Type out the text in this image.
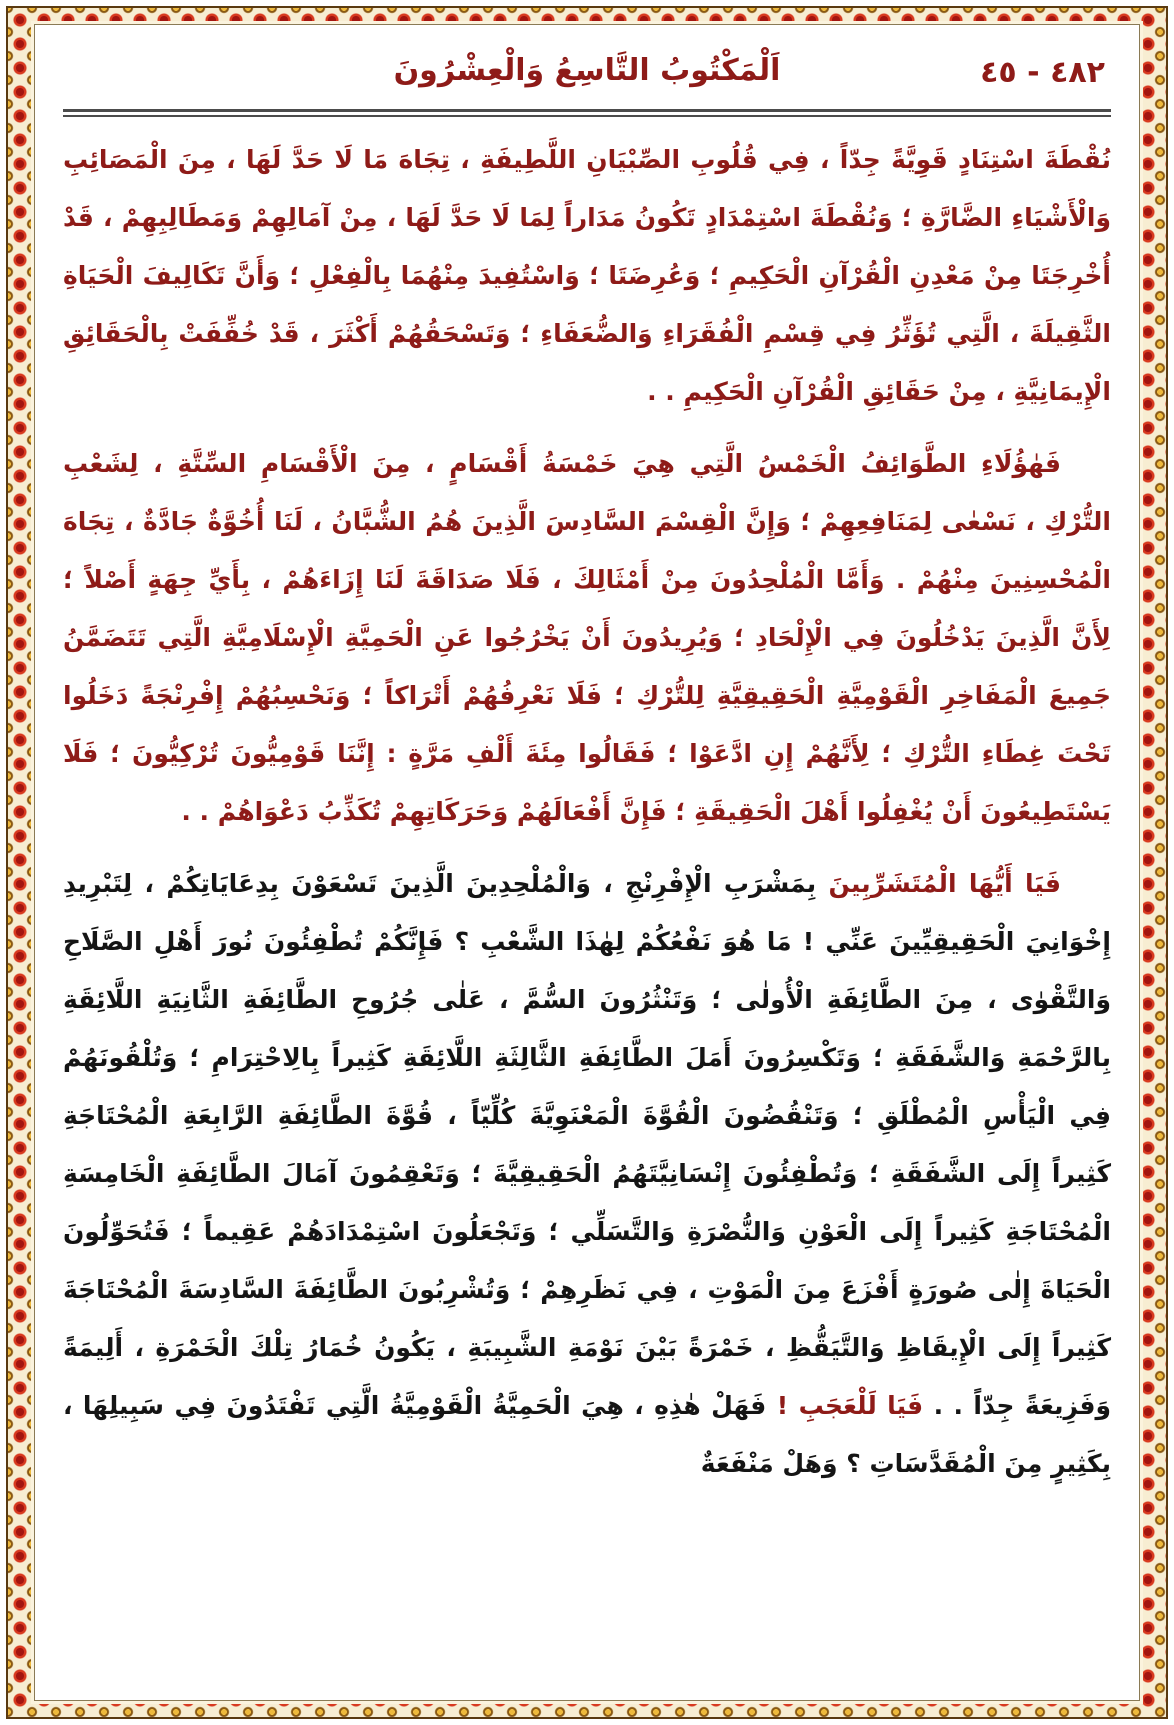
٤٨٢ - ٤٥
اَلْمَكْتُوبُ التَّاسِعُ وَالْعِشْرُونَ

نُقْطَةَ اسْتِنَادٍ قَوِيَّةً جِدّاً ، فِي قُلُوبِ الصِّبْيَانِ اللَّطِيفَةِ ، تِجَاهَ مَا لَا حَدَّ لَهَا ، مِنَ الْمَصَائِبِ وَالْأَشْيَاءِ الضَّارَّةِ ؛ وَنُقْطَةَ اسْتِمْدَادٍ تَكُونُ مَدَاراً لِمَا لَا حَدَّ لَهَا ، مِنْ آمَالِهِمْ وَمَطَالِبِهِمْ ، قَدْ أُخْرِجَتَا مِنْ مَعْدِنِ الْقُرْآنِ الْحَكِيمِ ؛ وَعُرِضَتَا ؛ وَاسْتُفِيدَ مِنْهُمَا بِالْفِعْلِ ؛ وَأَنَّ تَكَالِيفَ الْحَيَاةِ الثَّقِيلَةَ ، الَّتِي تُؤَثِّرُ فِي قِسْمِ الْفُقَرَاءِ وَالضُّعَفَاءِ ؛ وَتَسْحَقُهُمْ أَكْثَرَ ، قَدْ خُفِّفَتْ بِالْحَقَائِقِ الْإِيمَانِيَّةِ ، مِنْ حَقَائِقِ الْقُرْآنِ الْحَكِيمِ . .

فَهٰؤُلَاءِ الطَّوَائِفُ الْخَمْسُ الَّتِي هِيَ خَمْسَةُ أَقْسَامٍ ، مِنَ الْأَقْسَامِ السِّتَّةِ ، لِشَعْبِ التُّرْكِ ، نَسْعٰى لِمَنَافِعِهِمْ ؛ وَإِنَّ الْقِسْمَ السَّادِسَ الَّذِينَ هُمُ الشُّبَّانُ ، لَنَا أُخُوَّةٌ جَادَّةٌ ، تِجَاهَ الْمُحْسِنِينَ مِنْهُمْ . وَأَمَّا الْمُلْحِدُونَ مِنْ أَمْثَالِكَ ، فَلَا صَدَاقَةَ لَنَا إِزَاءَهُمْ ، بِأَيِّ جِهَةٍ أَصْلاً ؛ لِأَنَّ الَّذِينَ يَدْخُلُونَ فِي الْإِلْحَادِ ؛ وَيُرِيدُونَ أَنْ يَخْرُجُوا عَنِ الْحَمِيَّةِ الْإِسْلَامِيَّةِ الَّتِي تَتَضَمَّنُ جَمِيعَ الْمَفَاخِرِ الْقَوْمِيَّةِ الْحَقِيقِيَّةِ لِلتُّرْكِ ؛ فَلَا نَعْرِفُهُمْ أَتْرَاكاً ؛ وَنَحْسِبُهُمْ إِفْرِنْجَةً دَخَلُوا تَحْتَ غِطَاءِ التُّرْكِ ؛ لِأَنَّهُمْ إِنِ ادَّعَوْا ؛ فَقَالُوا مِئَةَ أَلْفِ مَرَّةٍ : إِنَّنَا قَوْمِيُّونَ تُرْكِيُّونَ ؛ فَلَا يَسْتَطِيعُونَ أَنْ يُغْفِلُوا أَهْلَ الْحَقِيقَةِ ؛ فَإِنَّ أَفْعَالَهُمْ وَحَرَكَاتِهِمْ تُكَذِّبُ دَعْوَاهُمْ . .

فَيَا أَيُّهَا الْمُتَشَرِّبِينَ بِمَشْرَبِ الْإِفْرِنْجِ ، وَالْمُلْحِدِينَ الَّذِينَ تَسْعَوْنَ بِدِعَايَاتِكُمْ ، لِتَبْرِيدِ إِخْوَانِيَ الْحَقِيقِيِّينَ عَنِّي ! مَا هُوَ نَفْعُكُمْ لِهٰذَا الشَّعْبِ ؟ فَإِنَّكُمْ تُطْفِئُونَ نُورَ أَهْلِ الصَّلَاحِ وَالتَّقْوٰى ، مِنَ الطَّائِفَةِ الْأُولٰى ؛ وَتَنْثُرُونَ السُّمَّ ، عَلٰى جُرُوحِ الطَّائِفَةِ الثَّانِيَةِ اللَّائِقَةِ بِالرَّحْمَةِ وَالشَّفَقَةِ ؛ وَتَكْسِرُونَ أَمَلَ الطَّائِفَةِ الثَّالِثَةِ اللَّائِقَةِ كَثِيراً بِالِاحْتِرَامِ ؛ وَتُلْقُونَهُمْ فِي الْيَأْسِ الْمُطْلَقِ ؛ وَتَنْقُضُونَ الْقُوَّةَ الْمَعْنَوِيَّةَ كُلِّيّاً ، قُوَّةَ الطَّائِفَةِ الرَّابِعَةِ الْمُحْتَاجَةِ كَثِيراً إِلَى الشَّفَقَةِ ؛ وَتُطْفِئُونَ إِنْسَانِيَّتَهُمُ الْحَقِيقِيَّةَ ؛ وَتَعْقِمُونَ آمَالَ الطَّائِفَةِ الْخَامِسَةِ الْمُحْتَاجَةِ كَثِيراً إِلَى الْعَوْنِ وَالنُّصْرَةِ وَالتَّسَلِّي ؛ وَتَجْعَلُونَ اسْتِمْدَادَهُمْ عَقِيماً ؛ فَتُحَوِّلُونَ الْحَيَاةَ إِلٰى صُورَةٍ أَفْزَعَ مِنَ الْمَوْتِ ، فِي نَظَرِهِمْ ؛ وَتُشْرِبُونَ الطَّائِفَةَ السَّادِسَةَ الْمُحْتَاجَةَ كَثِيراً إِلَى الْإِيقَاظِ وَالتَّيَقُّظِ ، خَمْرَةً بَيْنَ نَوْمَةِ الشَّبِيبَةِ ، يَكُونُ خُمَارُ تِلْكَ الْخَمْرَةِ ، أَلِيمَةً وَفَزِيعَةً جِدّاً . . فَيَا لَلْعَجَبِ ! فَهَلْ هٰذِهِ ، هِيَ الْحَمِيَّةُ الْقَوْمِيَّةُ الَّتِي تَفْتَدُونَ فِي سَبِيلِهَا ، بِكَثِيرٍ مِنَ الْمُقَدَّسَاتِ ؟ وَهَلْ مَنْفَعَةٌ
